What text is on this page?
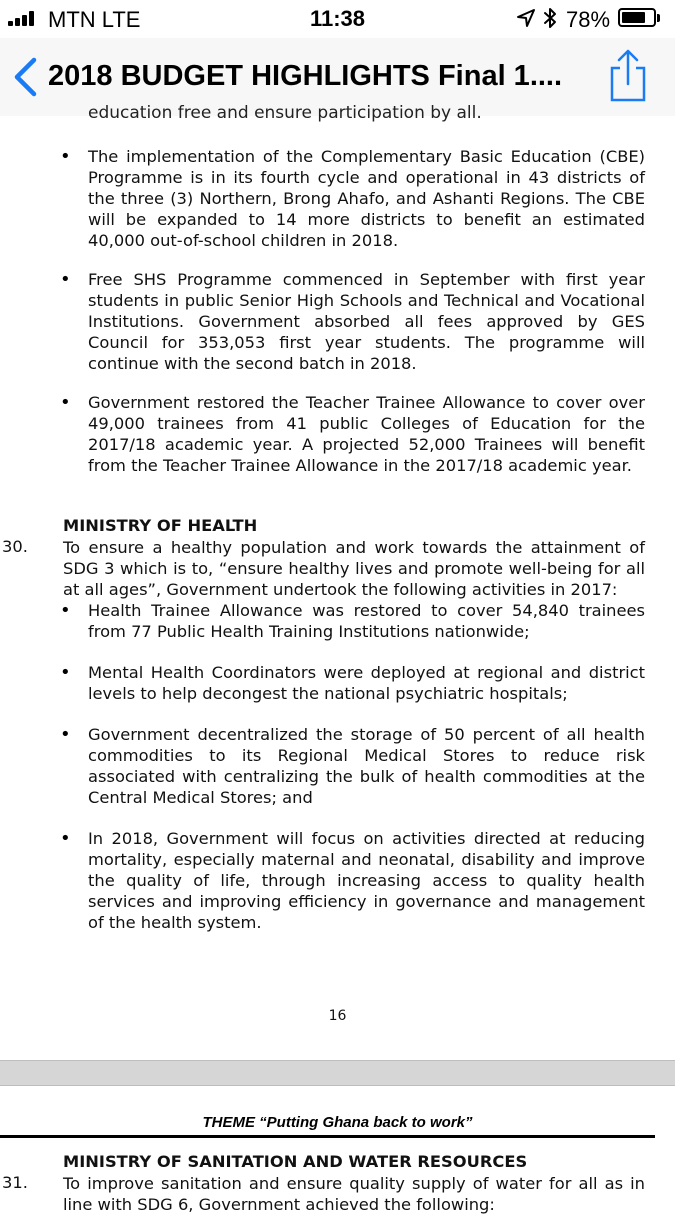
MTN LTE	11:38	78%
2018 BUDGET HIGHLIGHTS Final 1....
education free and ensure participation by all.
• The implementation of the Complementary Basic Education (CBE) Programme is in its fourth cycle and operational in 43 districts of the three (3) Northern, Brong Ahafo, and Ashanti Regions. The CBE will be expanded to 14 more districts to benefit an estimated 40,000 out-of-school children in 2018.
• Free SHS Programme commenced in September with first year students in public Senior High Schools and Technical and Vocational Institutions. Government absorbed all fees approved by GES Council for 353,053 first year students. The programme will continue with the second batch in 2018.
• Government restored the Teacher Trainee Allowance to cover over 49,000 trainees from 41 public Colleges of Education for the 2017/18 academic year. A projected 52,000 Trainees will benefit from the Teacher Trainee Allowance in the 2017/18 academic year.
MINISTRY OF HEALTH
30. To ensure a healthy population and work towards the attainment of SDG 3 which is to, “ensure healthy lives and promote well-being for all at all ages”, Government undertook the following activities in 2017:
• Health Trainee Allowance was restored to cover 54,840 trainees from 77 Public Health Training Institutions nationwide;
• Mental Health Coordinators were deployed at regional and district levels to help decongest the national psychiatric hospitals;
• Government decentralized the storage of 50 percent of all health commodities to its Regional Medical Stores to reduce risk associated with centralizing the bulk of health commodities at the Central Medical Stores; and
• In 2018, Government will focus on activities directed at reducing mortality, especially maternal and neonatal, disability and improve the quality of life, through increasing access to quality health services and improving efficiency in governance and management of the health system.
16
THEME “Putting Ghana back to work”
MINISTRY OF SANITATION AND WATER RESOURCES
31. To improve sanitation and ensure quality supply of water for all as in line with SDG 6, Government achieved the following:
